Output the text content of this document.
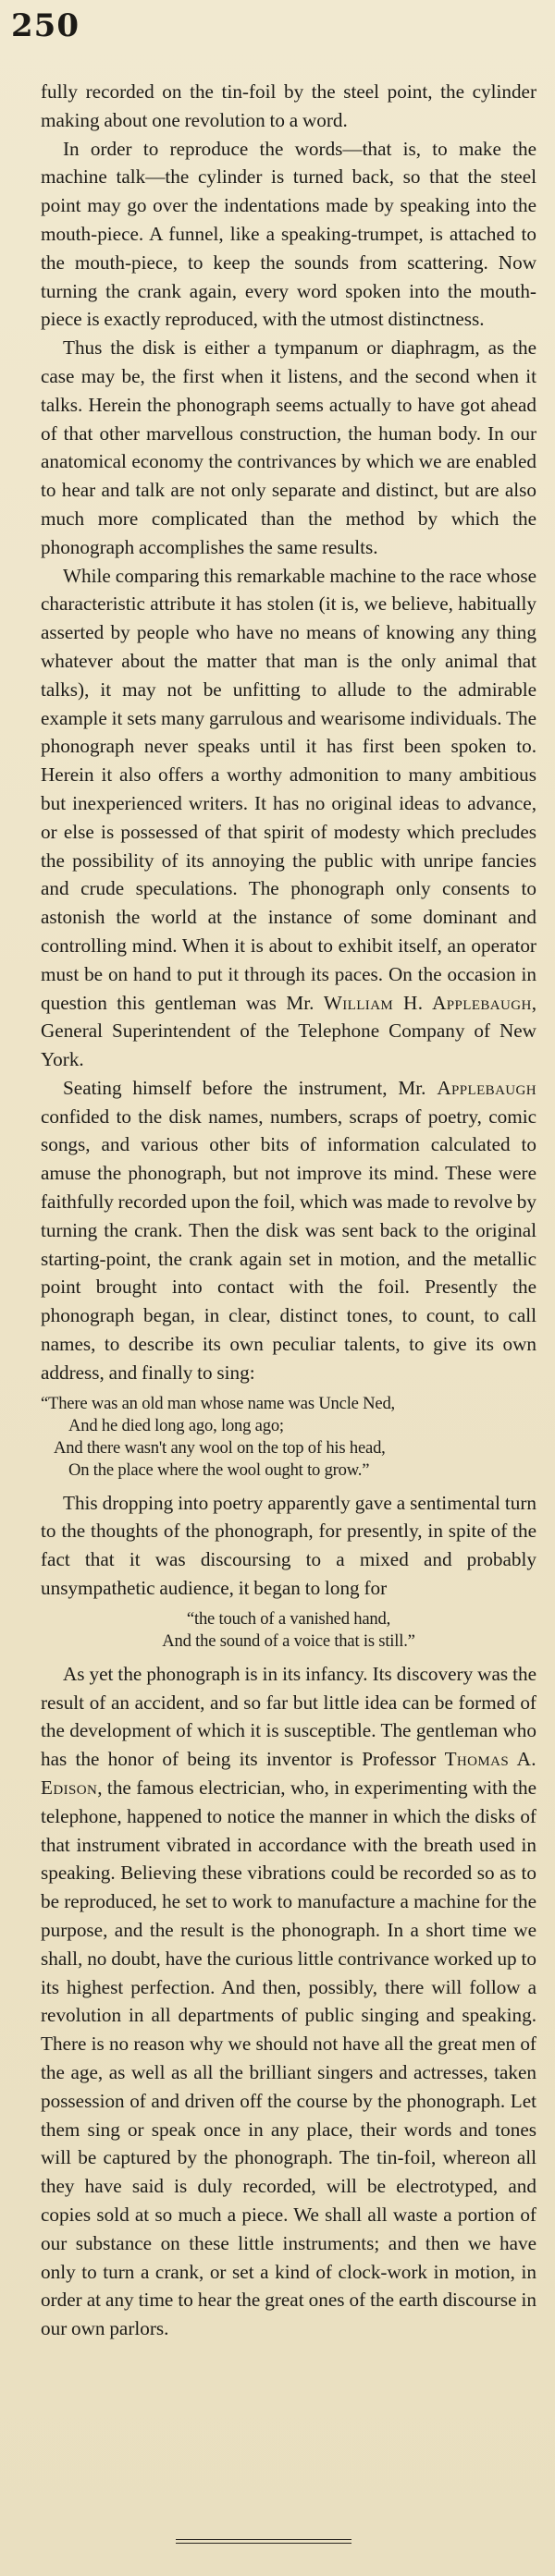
250

fully recorded on the tin-foil by the steel point, the cylinder making about one revolution to a word.

In order to reproduce the words—that is, to make the machine talk—the cylinder is turned back, so that the steel point may go over the indentations made by speaking into the mouth-piece. A funnel, like a speaking-trumpet, is attached to the mouth-piece, to keep the sounds from scattering. Now turning the crank again, every word spoken into the mouth-piece is exactly reproduced, with the utmost distinctness.

Thus the disk is either a tympanum or diaphragm, as the case may be, the first when it listens, and the second when it talks. Herein the phonograph seems actually to have got ahead of that other marvellous construction, the human body. In our anatomical economy the contrivances by which we are enabled to hear and talk are not only separate and distinct, but are also much more complicated than the method by which the phonograph accomplishes the same results.

While comparing this remarkable machine to the race whose characteristic attribute it has stolen (it is, we believe, habitually asserted by people who have no means of knowing any thing whatever about the matter that man is the only animal that talks), it may not be unfitting to allude to the admirable example it sets many garrulous and wearisome individuals. The phonograph never speaks until it has first been spoken to. Herein it also offers a worthy admonition to many ambitious but inexperienced writers. It has no original ideas to advance, or else is possessed of that spirit of modesty which precludes the possibility of its annoying the public with unripe fancies and crude speculations. The phonograph only consents to astonish the world at the instance of some dominant and controlling mind. When it is about to exhibit itself, an operator must be on hand to put it through its paces. On the occasion in question this gentleman was Mr. William H. Applebaugh, General Superintendent of the Telephone Company of New York.

Seating himself before the instrument, Mr. Applebaugh confided to the disk names, numbers, scraps of poetry, comic songs, and various other bits of information calculated to amuse the phonograph, but not improve its mind. These were faithfully recorded upon the foil, which was made to revolve by turning the crank. Then the disk was sent back to the original starting-point, the crank again set in motion, and the metallic point brought into contact with the foil. Presently the phonograph began, in clear, distinct tones, to count, to call names, to describe its own peculiar talents, to give its own address, and finally to sing:

“There was an old man whose name was Uncle Ned,
And he died long ago, long ago;
And there wasn't any wool on the top of his head,
On the place where the wool ought to grow.”

This dropping into poetry apparently gave a sentimental turn to the thoughts of the phonograph, for presently, in spite of the fact that it was discoursing to a mixed and probably unsympathetic audience, it began to long for

“the touch of a vanished hand,
And the sound of a voice that is still.”

As yet the phonograph is in its infancy. Its discovery was the result of an accident, and so far but little idea can be formed of the development of which it is susceptible. The gentleman who has the honor of being its inventor is Professor Thomas A. Edison, the famous electrician, who, in experimenting with the telephone, happened to notice the manner in which the disks of that instrument vibrated in accordance with the breath used in speaking. Believing these vibrations could be recorded so as to be reproduced, he set to work to manufacture a machine for the purpose, and the result is the phonograph. In a short time we shall, no doubt, have the curious little contrivance worked up to its highest perfection. And then, possibly, there will follow a revolution in all departments of public singing and speaking. There is no reason why we should not have all the great men of the age, as well as all the brilliant singers and actresses, taken possession of and driven off the course by the phonograph. Let them sing or speak once in any place, their words and tones will be captured by the phonograph. The tin-foil, whereon all they have said is duly recorded, will be electrotyped, and copies sold at so much a piece. We shall all waste a portion of our substance on these little instruments; and then we have only to turn a crank, or set a kind of clock-work in motion, in order at any time to hear the great ones of the earth discourse in our own parlors.
